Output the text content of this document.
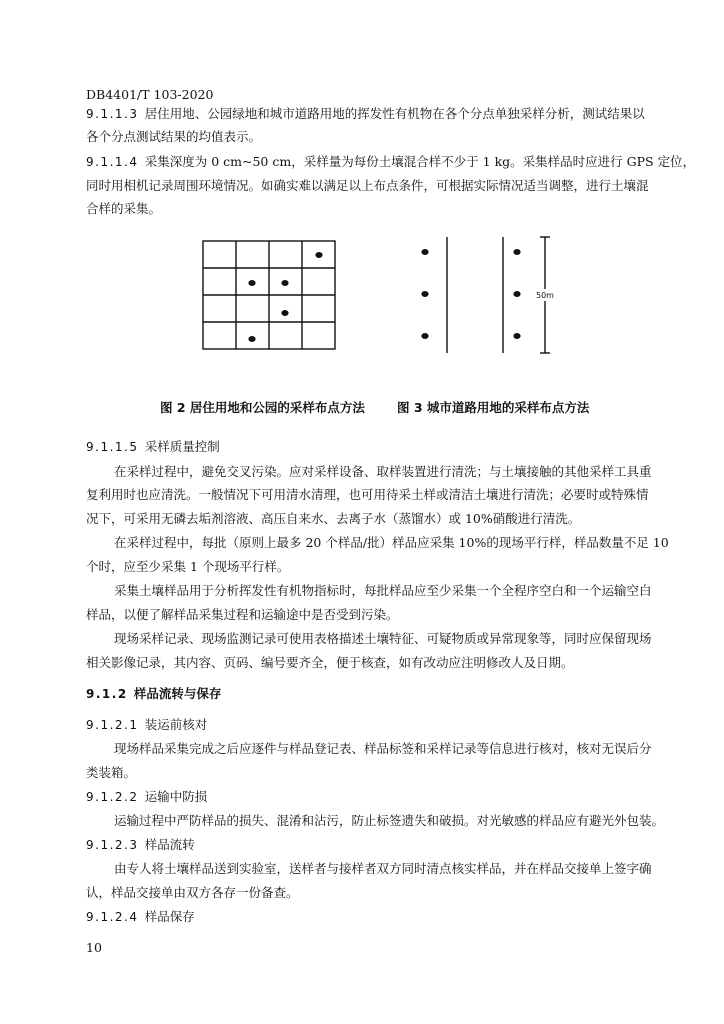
DB4401/T 103-2020
9.1.1.3 居住用地、公园绿地和城市道路用地的挥发性有机物在各个分点单独采样分析，测试结果以
各个分点测试结果的均值表示。
9.1.1.4 采集深度为 0 cm~50 cm，采样量为每份土壤混合样不少于 1 kg。采集样品时应进行 GPS 定位，
同时用相机记录周围环境情况。如确实难以满足以上布点条件，可根据实际情况适当调整，进行土壤混
合样的采集。
9.1.1.5 采样质量控制
在采样过程中，避免交叉污染。应对采样设备、取样装置进行清洗；与土壤接触的其他采样工具重
复利用时也应清洗。一般情况下可用清水清理，也可用待采土样或清洁土壤进行清洗；必要时或特殊情
况下，可采用无磷去垢剂溶液、高压自来水、去离子水（蒸馏水）或 10%硝酸进行清洗。
在采样过程中，每批（原则上最多 20 个样品/批）样品应采集 10%的现场平行样，样品数量不足 10
个时，应至少采集 1 个现场平行样。
采集土壤样品用于分析挥发性有机物指标时，每批样品应至少采集一个全程序空白和一个运输空白
样品，以便了解样品采集过程和运输途中是否受到污染。
现场采样记录、现场监测记录可使用表格描述土壤特征、可疑物质或异常现象等，同时应保留现场
相关影像记录，其内容、页码、编号要齐全，便于核查，如有改动应注明修改人及日期。
9.1.2 样品流转与保存
9.1.2.1 装运前核对
现场样品采集完成之后应逐件与样品登记表、样品标签和采样记录等信息进行核对，核对无误后分
类装箱。
9.1.2.2 运输中防损
运输过程中严防样品的损失、混淆和沾污，防止标签遗失和破损。对光敏感的样品应有避光外包装。
9.1.2.3 样品流转
由专人将土壤样品送到实验室，送样者与接样者双方同时清点核实样品，并在样品交接单上签字确
认，样品交接单由双方各存一份备查。
9.1.2.4 样品保存
50m
图 2 居住用地和公园的采样布点方法	图 3 城市道路用地的采样布点方法
10
